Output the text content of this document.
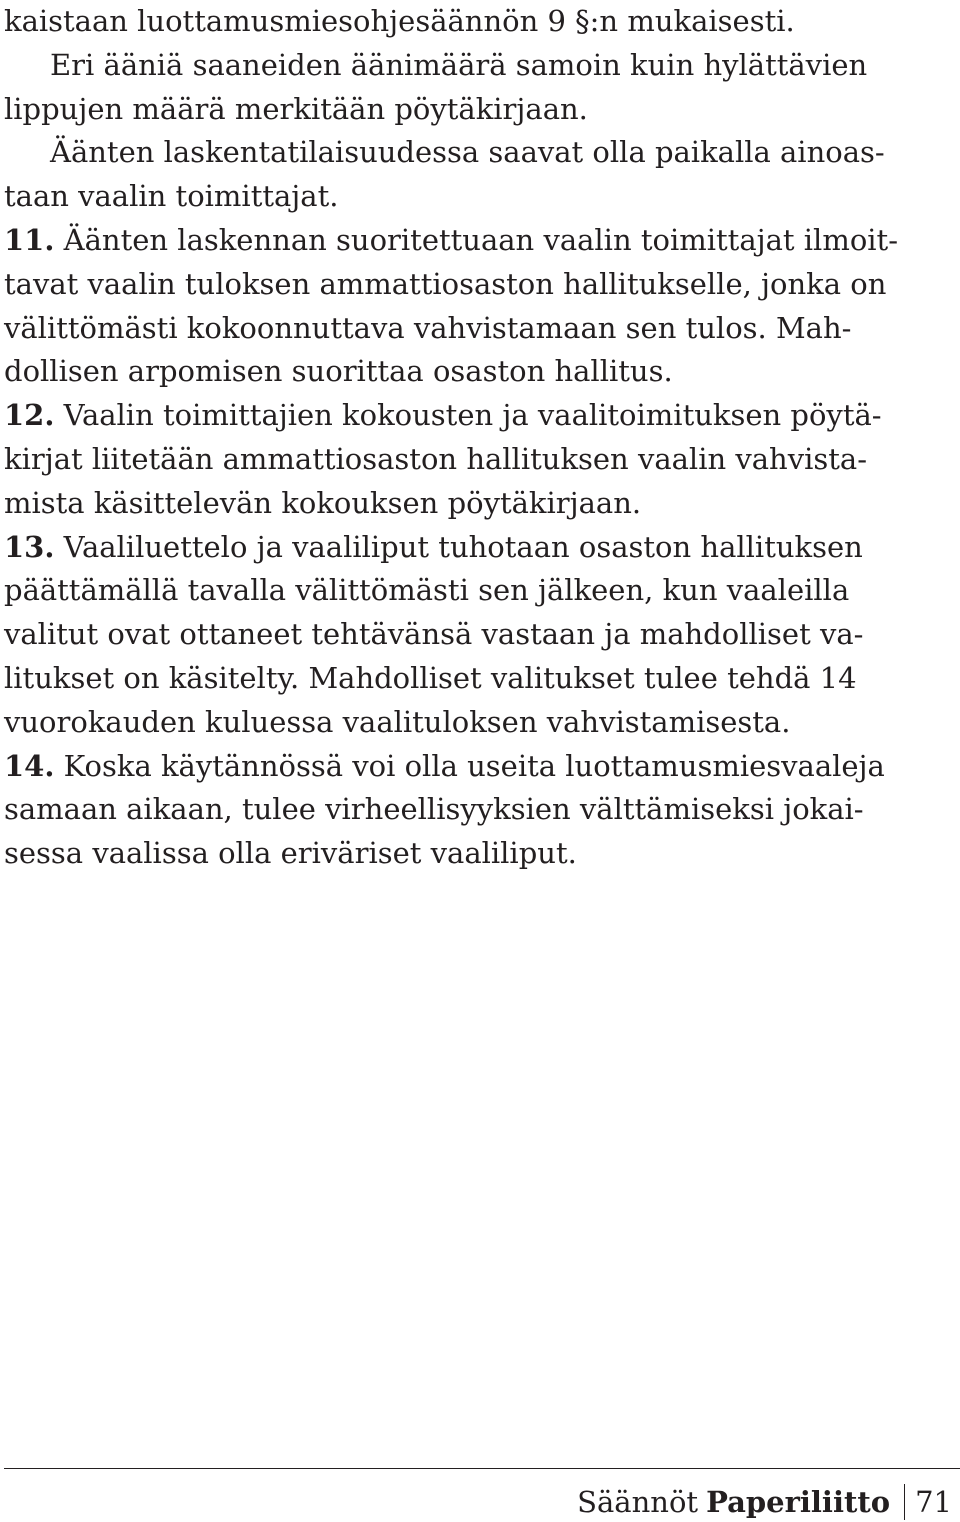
kaistaan luottamusmiesohjesäännön 9 §:n mukaisesti.
Eri ääniä saaneiden äänimäärä samoin kuin hylättävien
lippujen määrä merkitään pöytäkirjaan.
Äänten laskentatilaisuudessa saavat olla paikalla ainoas-
taan vaalin toimittajat.
11. Äänten laskennan suoritettuaan vaalin toimittajat ilmoit-
tavat vaalin tuloksen ammattiosaston hallitukselle, jonka on
välittömästi kokoonnuttava vahvistamaan sen tulos. Mah-
dollisen arpomisen suorittaa osaston hallitus.
12. Vaalin toimittajien kokousten ja vaalitoimituksen pöytä-
kirjat liitetään ammattiosaston hallituksen vaalin vahvista-
mista käsittelevän kokouksen pöytäkirjaan.
13. Vaaliluettelo ja vaaliliput tuhotaan osaston hallituksen
päättämällä tavalla välittömästi sen jälkeen, kun vaaleilla
valitut ovat ottaneet tehtävänsä vastaan ja mahdolliset va-
litukset on käsitelty. Mahdolliset valitukset tulee tehdä 14
vuorokauden kuluessa vaalituloksen vahvistamisesta.
14. Koska käytännössä voi olla useita luottamusmiesvaaleja
samaan aikaan, tulee virheellisyyksien välttämiseksi jokai-
sessa vaalissa olla eriväriset vaaliliput.
Säännöt Paperiliitto 71
